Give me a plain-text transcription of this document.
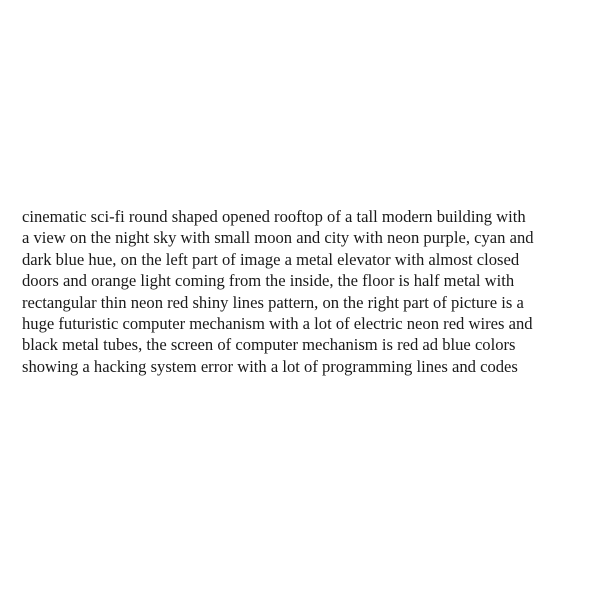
cinematic sci-fi round shaped opened rooftop of a tall modern building with
a view on the night sky with small moon and city with neon purple, cyan and
dark blue hue, on the left part of image a metal elevator with almost closed
doors and orange light coming from the inside, the floor is half metal with
rectangular thin neon red shiny lines pattern, on the right part of picture is a
huge futuristic computer mechanism with a lot of electric neon red wires and
black metal tubes, the screen of computer mechanism is red ad blue colors
showing a hacking system error with a lot of programming lines and codes
